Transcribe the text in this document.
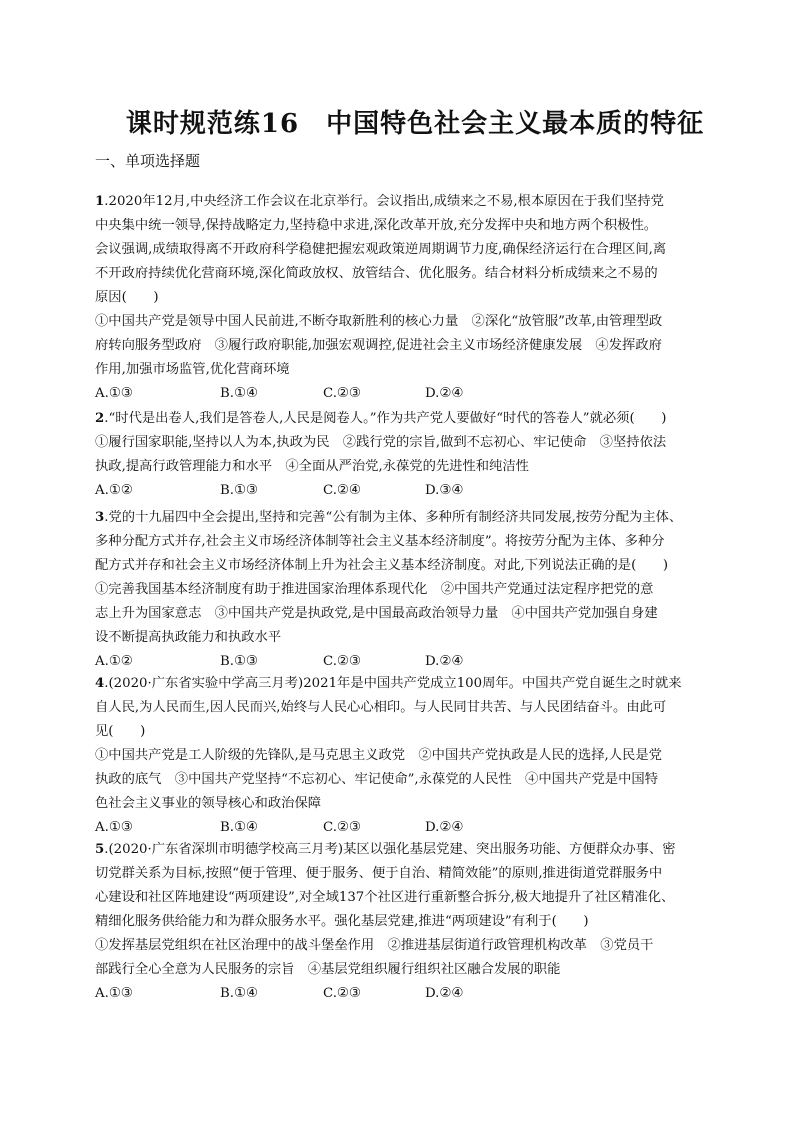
课时规范练16　中国特色社会主义最本质的特征
一、单项选择题
1.2020年12月,中央经济工作会议在北京举行。会议指出,成绩来之不易,根本原因在于我们坚持党
中央集中统一领导,保持战略定力,坚持稳中求进,深化改革开放,充分发挥中央和地方两个积极性。
会议强调,成绩取得离不开政府科学稳健把握宏观政策逆周期调节力度,确保经济运行在合理区间,离
不开政府持续优化营商环境,深化简政放权、放管结合、优化服务。结合材料分析成绩来之不易的
原因(　　)
①中国共产党是领导中国人民前进,不断夺取新胜利的核心力量　②深化“放管服”改革,由管理型政
府转向服务型政府　③履行政府职能,加强宏观调控,促进社会主义市场经济健康发展　④发挥政府
作用,加强市场监管,优化营商环境
A.①③	B.①④	C.②③	D.②④
2.“时代是出卷人,我们是答卷人,人民是阅卷人。”作为共产党人要做好“时代的答卷人”就必须(　　)
①履行国家职能,坚持以人为本,执政为民　②践行党的宗旨,做到不忘初心、牢记使命　③坚持依法
执政,提高行政管理能力和水平　④全面从严治党,永葆党的先进性和纯洁性
A.①②	B.①③	C.②④	D.③④
3.党的十九届四中全会提出,坚持和完善“公有制为主体、多种所有制经济共同发展,按劳分配为主体、
多种分配方式并存,社会主义市场经济体制等社会主义基本经济制度”。将按劳分配为主体、多种分
配方式并存和社会主义市场经济体制上升为社会主义基本经济制度。对此,下列说法正确的是(　　)
①完善我国基本经济制度有助于推进国家治理体系现代化　②中国共产党通过法定程序把党的意
志上升为国家意志　③中国共产党是执政党,是中国最高政治领导力量　④中国共产党加强自身建
设不断提高执政能力和执政水平
A.①②	B.①③	C.②③	D.②④
4.(2020·广东省实验中学高三月考)2021年是中国共产党成立100周年。中国共产党自诞生之时就来
自人民,为人民而生,因人民而兴,始终与人民心心相印。与人民同甘共苦、与人民团结奋斗。由此可
见(　　)
①中国共产党是工人阶级的先锋队,是马克思主义政党　②中国共产党执政是人民的选择,人民是党
执政的底气　③中国共产党坚持“不忘初心、牢记使命”,永葆党的人民性　④中国共产党是中国特
色社会主义事业的领导核心和政治保障
A.①③	B.①④	C.②③	D.②④
5.(2020·广东省深圳市明德学校高三月考)某区以强化基层党建、突出服务功能、方便群众办事、密
切党群关系为目标,按照“便于管理、便于服务、便于自治、精简效能”的原则,推进街道党群服务中
心建设和社区阵地建设“两项建设”,对全域137个社区进行重新整合拆分,极大地提升了社区精准化、
精细化服务供给能力和为群众服务水平。强化基层党建,推进“两项建设”有利于(　　)
①发挥基层党组织在社区治理中的战斗堡垒作用　②推进基层街道行政管理机构改革　③党员干
部践行全心全意为人民服务的宗旨　④基层党组织履行组织社区融合发展的职能
A.①③	B.①④	C.②③	D.②④
